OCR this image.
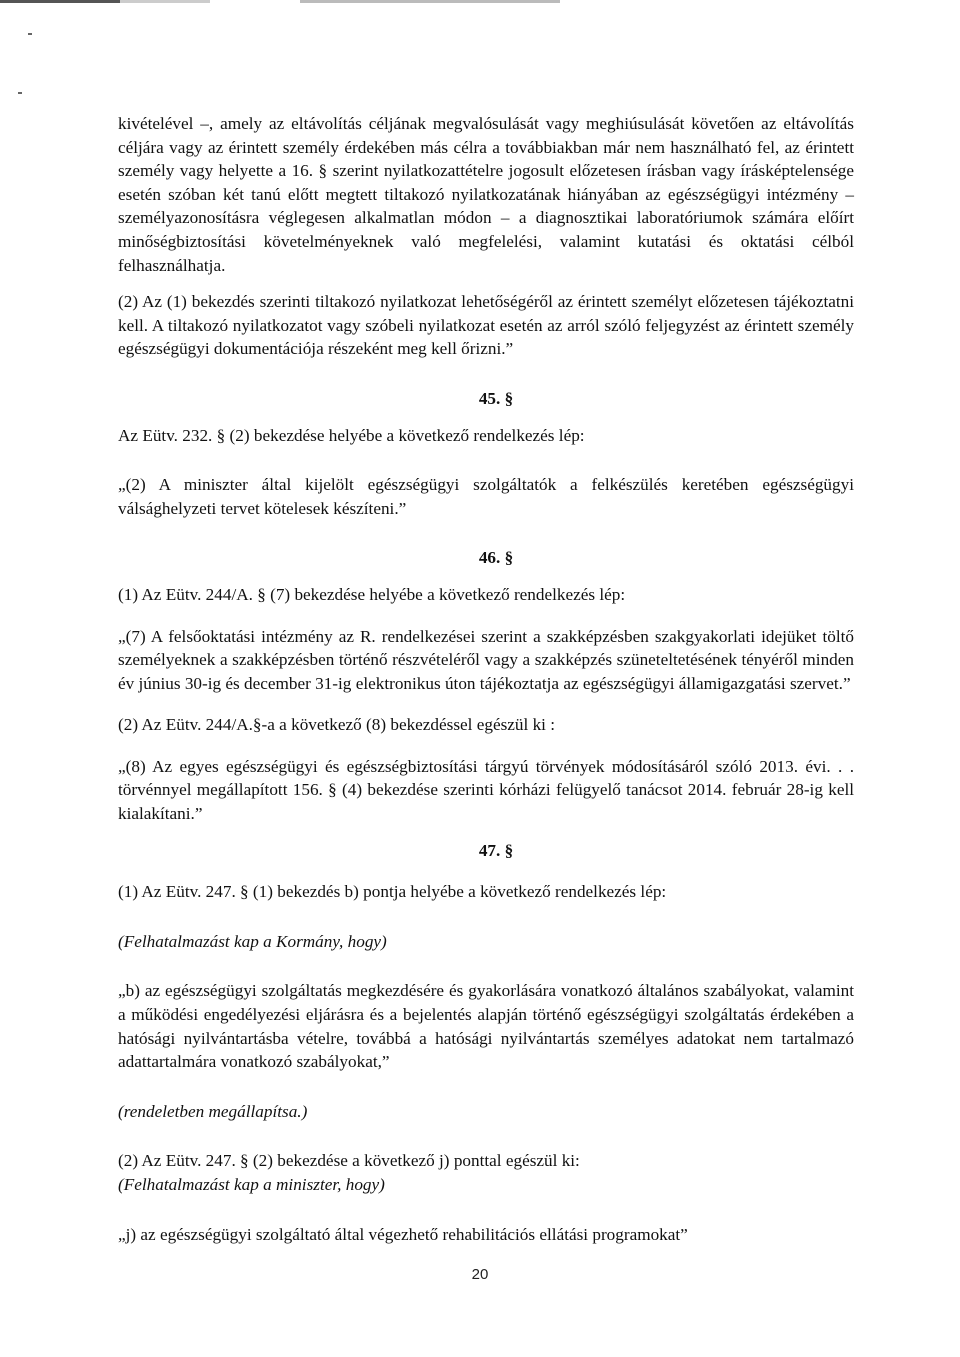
kivételével –, amely az eltávolítás céljának megvalósulását vagy meghiúsulását követően az eltávolítás céljára vagy az érintett személy érdekében más célra a továbbiakban már nem használható fel, az érintett személy vagy helyette a 16. § szerint nyilatkozattételre jogosult előzetesen írásban vagy írásképtelensége esetén szóban két tanú előtt megtett tiltakozó nyilatkozatának hiányában az egészségügyi intézmény – személyazonosításra véglegesen alkalmatlan módon – a diagnosztikai laboratóriumok számára előírt minőségbiztosítási követelményeknek való megfelelési, valamint kutatási és oktatási célból felhasználhatja.

(2) Az (1) bekezdés szerinti tiltakozó nyilatkozat lehetőségéről az érintett személyt előzetesen tájékoztatni kell. A tiltakozó nyilatkozatot vagy szóbeli nyilatkozat esetén az arról szóló feljegyzést az érintett személy egészségügyi dokumentációja részeként meg kell őrizni.”

45. §

Az Eütv. 232. § (2) bekezdése helyébe a következő rendelkezés lép:

„(2) A miniszter által kijelölt egészségügyi szolgáltatók a felkészülés keretében egészségügyi válsághelyzeti tervet kötelesek készíteni.”

46. §

(1) Az Eütv. 244/A. § (7) bekezdése helyébe a következő rendelkezés lép:

„(7) A felsőoktatási intézmény az R. rendelkezései szerint a szakképzésben szakgyakorlati idejüket töltő személyeknek a szakképzésben történő részvételéről vagy a szakképzés szüneteltetésének tényéről minden év június 30-ig és december 31-ig elektronikus úton tájékoztatja az egészségügyi államigazgatási szervet.”

(2) Az Eütv. 244/A.§-a a következő (8) bekezdéssel egészül ki :

„(8) Az egyes egészségügyi és egészségbiztosítási tárgyú törvények módosításáról szóló 2013. évi. . . törvénnyel megállapított 156. § (4) bekezdése szerinti kórházi felügyelő tanácsot 2014. február 28-ig kell kialakítani.”

47. §

(1) Az Eütv. 247. § (1) bekezdés b) pontja helyébe a következő rendelkezés lép:

(Felhatalmazást kap a Kormány, hogy)

„b) az egészségügyi szolgáltatás megkezdésére és gyakorlására vonatkozó általános szabályokat, valamint a működési engedélyezési eljárásra és a bejelentés alapján történő egészségügyi szolgáltatás érdekében a hatósági nyilvántartásba vételre, továbbá a hatósági nyilvántartás személyes adatokat nem tartalmazó adattartalmára vonatkozó szabályokat,”

(rendeletben megállapítsa.)

(2) Az Eütv. 247. § (2) bekezdése a következő j) ponttal egészül ki:

(Felhatalmazást kap a miniszter, hogy)

„j) az egészségügyi szolgáltató által végezhető rehabilitációs ellátási programokat”

20
